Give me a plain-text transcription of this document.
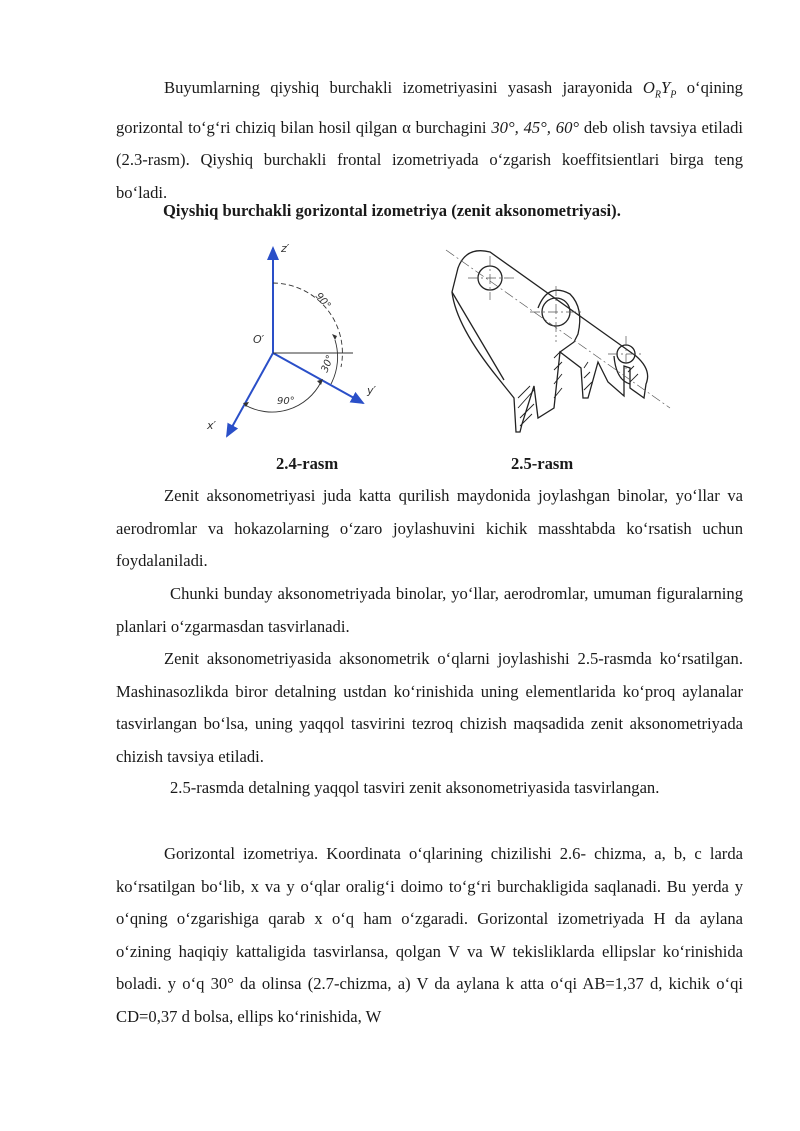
Buyumlarning qiyshiq burchakli izometriyasini yasash jarayonida $O_RY_P$ o‘qining gorizontal to‘g‘ri chiziq bilan hosil qilgan α burchagini 30°, 45°, 60° deb olish tavsiya etiladi (2.3-rasm). Qiyshiq burchakli frontal izometriyada o‘zgarish koeffitsientlari birga teng bo‘ladi.

Qiyshiq burchakli gorizontal izometriya (zenit aksonometriyasi).

z′
O′
y′
x′
90°
30°
90°

2.4-rasm	2.5-rasm

Zenit aksonometriyasi juda katta qurilish maydonida joylashgan binolar, yo‘llar va aerodromlar va hokazolarning o‘zaro joylashuvini kichik masshtabda ko‘rsatish uchun foydalaniladi.

Chunki bunday aksonometriyada binolar, yo‘llar, aerodromlar, umuman figuralarning planlari o‘zgarmasdan tasvirlanadi.

Zenit aksonometriyasida aksonometrik o‘qlarni joylashishi 2.5-rasmda ko‘rsatilgan. Mashinasozlikda biror detalning ustdan ko‘rinishida uning elementlarida ko‘proq aylanalar tasvirlangan bo‘lsa, uning yaqqol tasvirini tezroq chizish maqsadida zenit aksonometriyada chizish tavsiya etiladi.

2.5-rasmda detalning yaqqol tasviri zenit aksonometriyasida tasvirlangan.

Gorizontal izometriya. Koordinata o‘qlarining chizilishi 2.6- chizma, a, b, c larda ko‘rsatilgan bo‘lib, x va y o‘qlar oralig‘i doimo to‘g‘ri burchakligida saqlanadi. Bu yerda y o‘qning o‘zgarishiga qarab x o‘q ham o‘zgaradi. Gorizontal izometriyada H da aylana o‘zining haqiqiy kattaligida tasvirlansa, qolgan V va W tekisliklarda ellipslar ko‘rinishida boladi. y o‘q 30° da olinsa (2.7-chizma, a) V da aylana k atta o‘qi AB=1,37 d, kichik o‘qi CD=0,37 d bolsa, ellips ko‘rinishida, W
